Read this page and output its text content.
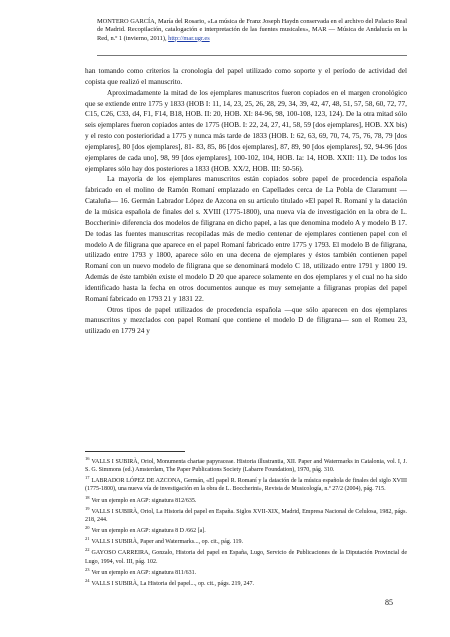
MONTERO GARCÍA, María del Rosario, «La música de Franz Joseph Haydn conservada en el archivo del Palacio Real de Madrid. Recopilación, catalogación e interpretación de las fuentes musicales», MAR — Música de Andalucía en la Red, n.º 1 (invierno, 2011), http://mar.ugr.es

han tomando como criterios la cronología del papel utilizado como soporte y el período de actividad del copista que realizó el manuscrito.

Aproximadamente la mitad de los ejemplares manuscritos fueron copiados en el margen cronológico que se extiende entre 1775 y 1833 (HOB I: 11, 14, 23, 25, 26, 28, 29, 34, 39, 42, 47, 48, 51, 57, 58, 60, 72, 77, C15, C26, C33, d4, F1, F14, B18, HOB. II: 20, HOB. XI: 84-96, 98, 100-108, 123, 124). De la otra mitad sólo seis ejemplares fueron copiados antes de 1775 (HOB. I: 22, 24, 27, 41, 58, 59 [dos ejemplares], HOB. XX bis) y el resto con posterioridad a 1775 y nunca más tarde de 1833 (HOB. I: 62, 63, 69, 70, 74, 75, 76, 78, 79 [dos ejemplares], 80 [dos ejemplares], 81- 83, 85, 86 [dos ejemplares], 87, 89, 90 [dos ejemplares], 92, 94-96 [dos ejemplares de cada uno], 98, 99 [dos ejemplares], 100-102, 104, HOB. Ia: 14, HOB. XXII: 11). De todos los ejemplares sólo hay dos posteriores a 1833 (HOB. XX/2, HOB. III: 50-56).

La mayoría de los ejemplares manuscritos están copiados sobre papel de procedencia española fabricado en el molino de Ramón Romaní emplazado en Capellades cerca de La Pobla de Claramunt — Cataluña— 16. Germán Labrador López de Azcona en su artículo titulado «El papel R. Romaní y la datación de la música española de finales del s. XVIII (1775-1800), una nueva vía de investigación en la obra de L. Boccherini» diferencia dos modelos de filigrana en dicho papel, a las que denomina modelo A y modelo B 17. De todas las fuentes manuscritas recopiladas más de medio centenar de ejemplares contienen papel con el modelo A de filigrana que aparece en el papel Romaní fabricado entre 1775 y 1793. El modelo B de filigrana, utilizado entre 1793 y 1800, aparece sólo en una decena de ejemplares y éstos también contienen papel Romaní con un nuevo modelo de filigrana que se denominará modelo C 18, utilizado entre 1791 y 1800 19. Además de éste también existe el modelo D 20 que aparece solamente en dos ejemplares y el cual no ha sido identificado hasta la fecha en otros documentos aunque es muy semejante a filigranas propias del papel Romaní fabricado en 1793 21 y 1831 22.

Otros tipos de papel utilizados de procedencia española —que sólo aparecen en dos ejemplares manuscritos y mezclados con papel Romaní que contiene el modelo D de filigrana— son el Romeu 23, utilizado en 1779 24 y

$^{16}$VALLS I SUBIRÀ, Oriol, Monumenta chartae papyraceae. Historia illustrantia, XII. Paper and Watermarks in Catalonia, vol. I, J. S. G. Simmons (ed.) Amsterdam, The Paper Publications Society (Labarre Foundation), 1970, pág. 310.

$^{17}$LABRADOR LÓPEZ DE AZCONA, Germán, «El papel R. Romaní y la datación de la música española de finales del siglo XVIII (1775-1800), una nueva vía de investigación en la obra de L. Boccherini», Revista de Musicología, n.º 27/2 (2004), pág. 715.

$^{18}$Ver un ejemplo en AGP: signatura 812/635.

$^{19}$VALLS I SUBIRÀ, Oriol, La Historia del papel en España. Siglos XVII-XIX, Madrid, Empresa Nacional de Celulosa, 1982, págs. 218, 244.

$^{20}$Ver un ejemplo en AGP: signatura 8 D /662 [a].

$^{21}$VALLS I SUBIRÀ, Paper and Watermarks..., op. cit., pág. 119.

$^{22}$GAYOSO CARREIRA, Gonzalo, Historia del papel en España, Lugo, Servicio de Publicaciones de la Diputación Provincial de Lugo, 1994, vol. III, pág. 102.

$^{23}$Ver un ejemplo en AGP: signatura 811/631.

$^{24}$VALLS I SUBIRÀ, La Historia del papel..., op. cit., págs. 219, 247.

85
